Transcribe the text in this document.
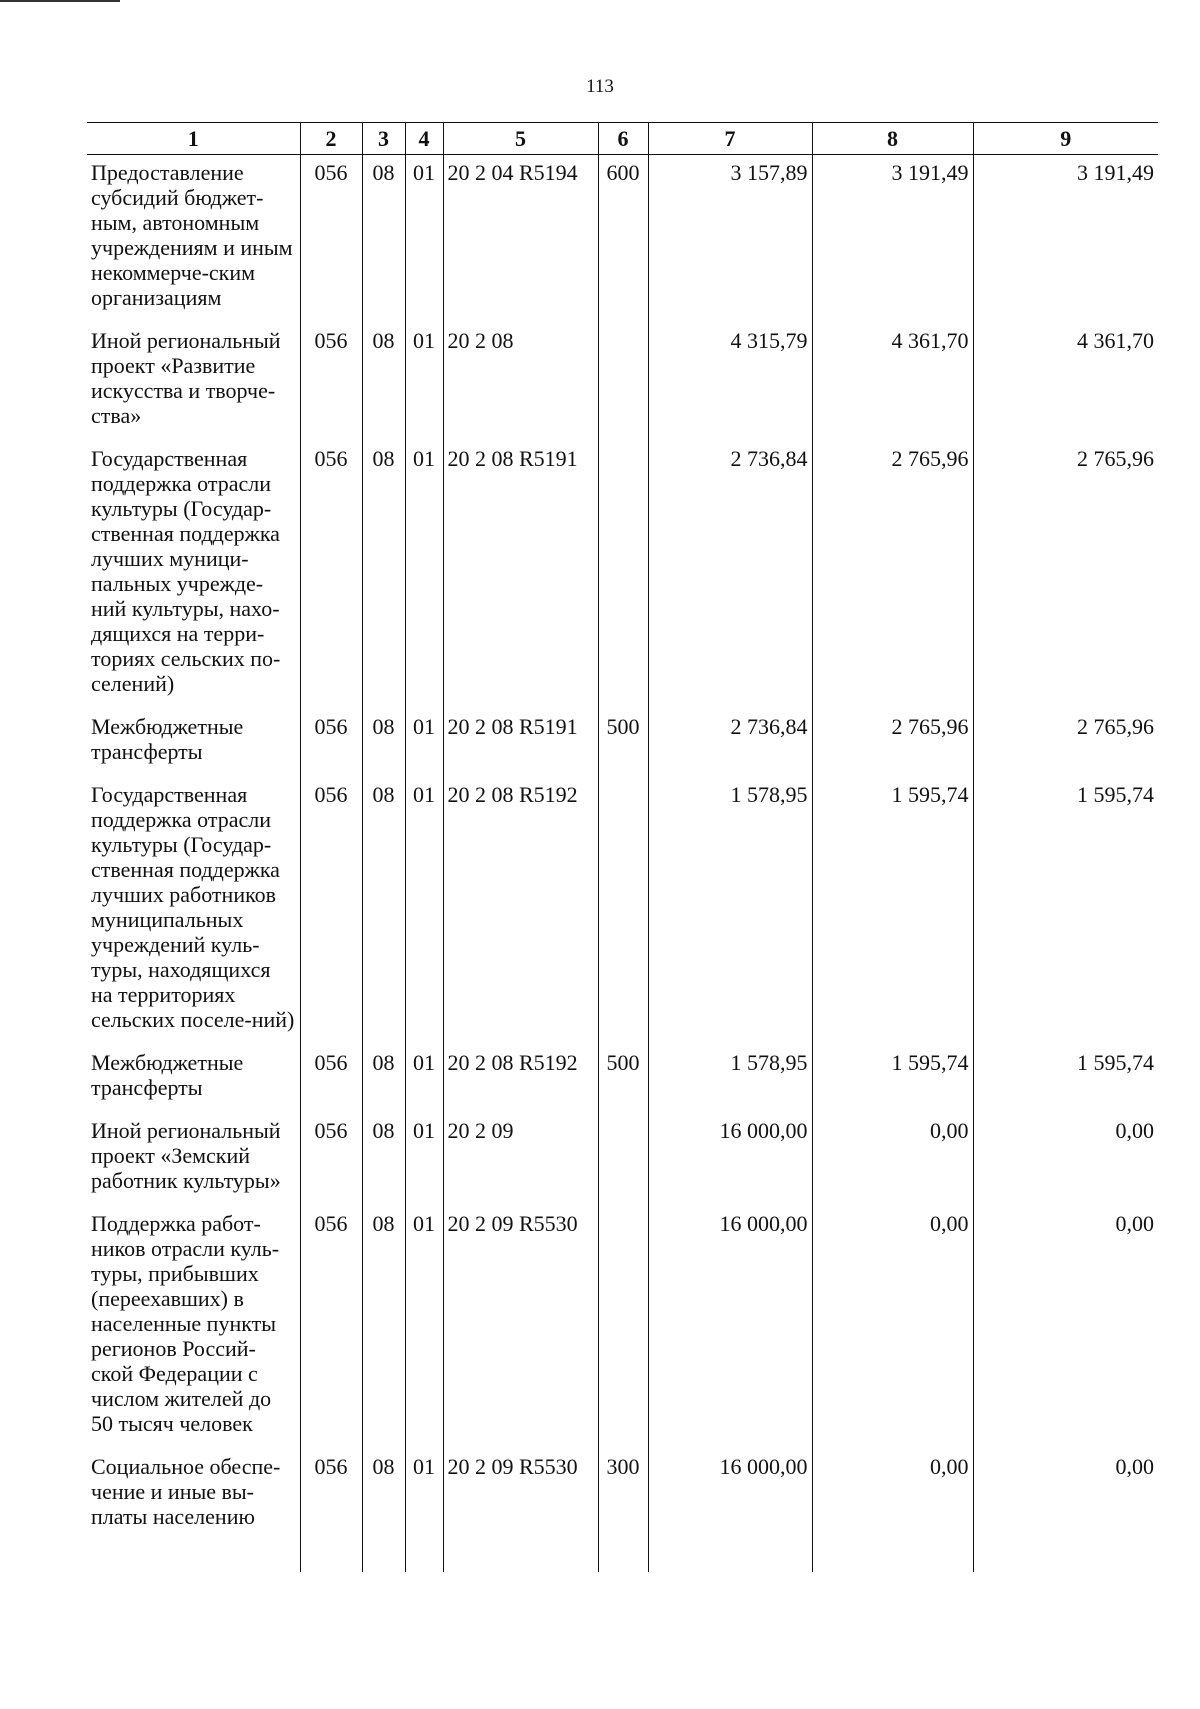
113
1	2	3	4	5	6	7	8	9
Предоставление субсидий бюджет-ным, автономным учреждениям и иным некоммерче-ским организациям	056	08	01	20 2 04 R5194	600	3 157,89	3 191,49	3 191,49
Иной региональный проект «Развитие искусства и творче-ства»	056	08	01	20 2 08		4 315,79	4 361,70	4 361,70
Государственная поддержка отрасли культуры (Государ-ственная поддержка лучших муници-пальных учрежде-ний культуры, нахо-дящихся на терри-ториях сельских по-селений)	056	08	01	20 2 08 R5191		2 736,84	2 765,96	2 765,96
Межбюджетные трансферты	056	08	01	20 2 08 R5191	500	2 736,84	2 765,96	2 765,96
Государственная поддержка отрасли культуры (Государ-ственная поддержка лучших работников муниципальных учреждений куль-туры, находящихся на территориях сельских поселе-ний)	056	08	01	20 2 08 R5192		1 578,95	1 595,74	1 595,74
Межбюджетные трансферты	056	08	01	20 2 08 R5192	500	1 578,95	1 595,74	1 595,74
Иной региональный проект «Земский работник культуры»	056	08	01	20 2 09		16 000,00	0,00	0,00
Поддержка работ-ников отрасли куль-туры, прибывших (переехавших) в населенные пункты регионов Россий-ской Федерации с числом жителей до 50 тысяч человек	056	08	01	20 2 09 R5530		16 000,00	0,00	0,00
Социальное обеспе-чение и иные вы-платы населению	056	08	01	20 2 09 R5530	300	16 000,00	0,00	0,00
